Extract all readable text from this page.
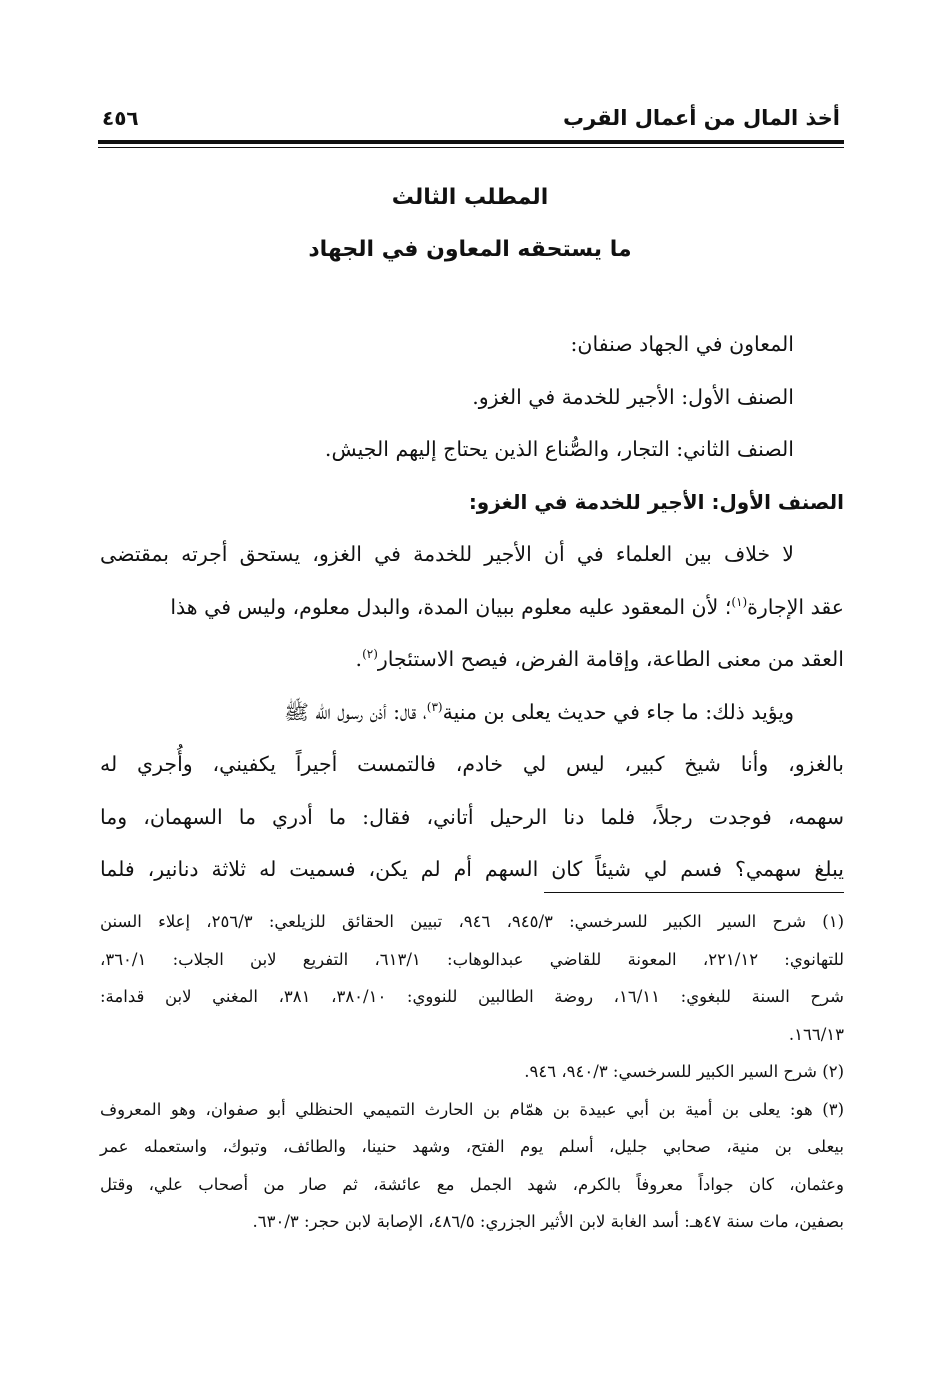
أخذ المال من أعمال القرب
٤٥٦
المطلب الثالث
ما يستحقه المعاون في الجهاد
المعاون في الجهاد صنفان:
الصنف الأول: الأجير للخدمة في الغزو.
الصنف الثاني: التجار، والصُّناع الذين يحتاج إليهم الجيش.
الصنف الأول: الأجير للخدمة في الغزو:
لا خلاف بين العلماء في أن الأجير للخدمة في الغزو، يستحق أجرته بمقتضى
عقد الإجارة$^{(١)}$؛ لأن المعقود عليه معلوم ببيان المدة، والبدل معلوم، وليس في هذا
العقد من معنى الطاعة، وإقامة الفرض، فيصح الاستئجار$^{(٢)}$.
ويؤيد ذلك: ما جاء في حديث يعلى بن منية$^{(٣)}$، قال: أذن رسول الله ﷺ
بالغزو، وأنا شيخ كبير، ليس لي خادم، فالتمست أجيراً يكفيني، وأُجري له
سهمه، فوجدت رجلاً، فلما دنا الرحيل أتاني، فقال: ما أدري ما السهمان، وما
يبلغ سهمي؟ فسم لي شيئاً كان السهم أم لم يكن، فسميت له ثلاثة دنانير، فلما
(١) شرح السير الكبير للسرخسي: ٩٤٥/٣، ٩٤٦، تبيين الحقائق للزيلعي: ٢٥٦/٣، إعلاء السنن
للتهانوي: ٢٢١/١٢، المعونة للقاضي عبدالوهاب: ٦١٣/١، التفريع لابن الجلاب: ٣٦٠/١،
شرح السنة للبغوي: ١٦/١١، روضة الطالبين للنووي: ٣٨٠/١٠، ٣٨١، المغني لابن قدامة:
١٦٦/١٣.
(٢) شرح السير الكبير للسرخسي: ٩٤٠/٣، ٩٤٦.
(٣) هو: يعلى بن أمية بن أبي عبيدة بن همّام بن الحارث التميمي الحنظلي أبو صفوان، وهو المعروف
بيعلى بن منية، صحابي جليل، أسلم يوم الفتح، وشهد حنينا، والطائف، وتبوك، واستعمله عمر
وعثمان، كان جواداً معروفاً بالكرم، شهد الجمل مع عائشة، ثم صار من أصحاب علي، وقتل
بصفين، مات سنة ٤٧هـ: أسد الغابة لابن الأثير الجزري: ٤٨٦/٥، الإصابة لابن حجر: ٦٣٠/٣.
